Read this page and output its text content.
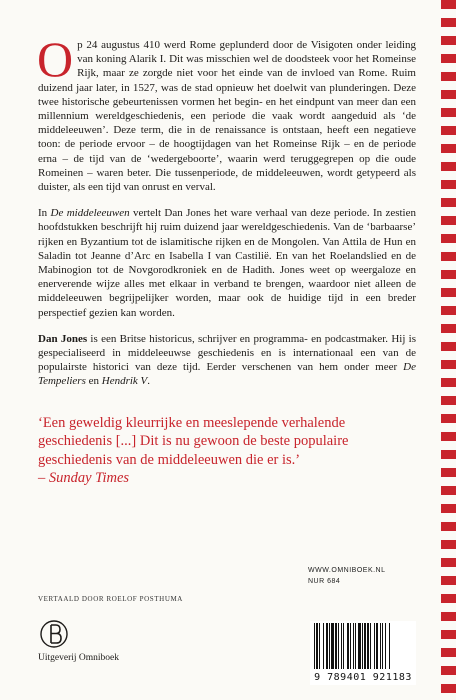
Op 24 augustus 410 werd Rome geplunderd door de Visigoten onder leiding van koning Alarik I. Dit was misschien wel de doodsteek voor het Romeinse Rijk, maar ze zorgde niet voor het einde van de invloed van Rome. Ruim duizend jaar later, in 1527, was de stad opnieuw het doelwit van plunderingen. Deze twee historische gebeurtenissen vormen het begin- en het eindpunt van meer dan een millennium wereldgeschiedenis, een periode die vaak wordt aangeduid als ‘de middeleeuwen’. Deze term, die in de renaissance is ontstaan, heeft een negatieve toon: de periode ervoor – de hoogtijdagen van het Romeinse Rijk – en de periode erna – de tijd van de ‘wedergeboorte’, waarin werd teruggegrepen op die oude Romeinen – waren beter. Die tussenperiode, de middeleeuwen, wordt getypeerd als duister, als een tijd van onrust en verval.

In De middeleeuwen vertelt Dan Jones het ware verhaal van deze periode. In zestien hoofdstukken beschrijft hij ruim duizend jaar wereldgeschiedenis. Van de ‘barbaarse’ rijken en Byzantium tot de islamitische rijken en de Mongolen. Van Attila de Hun en Saladin tot Jeanne d’Arc en Isabella I van Castilië. En van het Roelandslied en de Mabinogion tot de Novgorodkroniek en de Hadith. Jones weet op weergaloze en enerverende wijze alles met elkaar in verband te brengen, waardoor niet alleen de middeleeuwen begrijpelijker worden, maar ook de huidige tijd in een breder perspectief gezien kan worden.

Dan Jones is een Britse historicus, schrijver en programma- en podcastmaker. Hij is gespecialiseerd in middeleeuwse geschiedenis en is internationaal een van de populairste historici van deze tijd. Eerder verschenen van hem onder meer De Tempeliers en Hendrik V.

‘Een geweldig kleurrijke en meeslepende verhalende geschiedenis [...] Dit is nu gewoon de beste populaire geschiedenis van de middeleeuwen die er is.’
– Sunday Times

VERTAALD DOOR ROELOF POSTHUMA
WWW.OMNIBOEK.NL
NUR 684
Uitgeverij Omniboek
9 789401 921183
